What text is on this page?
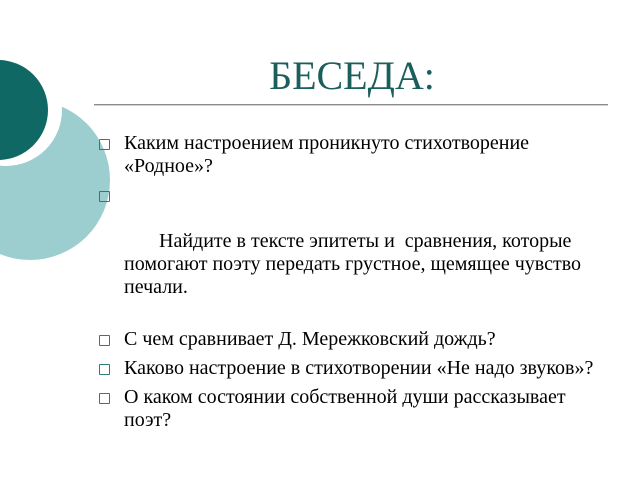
БЕСЕДА:
Каким настроением проникнуто стихотворение «Родное»?

Найдите в тексте эпитеты и  сравнения, которые помогают поэту передать грустное, щемящее чувство печали.

С чем сравнивает Д. Мережковский дождь?
Каково настроение в стихотворении «Не надо звуков»?
О каком состоянии собственной души рассказывает поэт?
